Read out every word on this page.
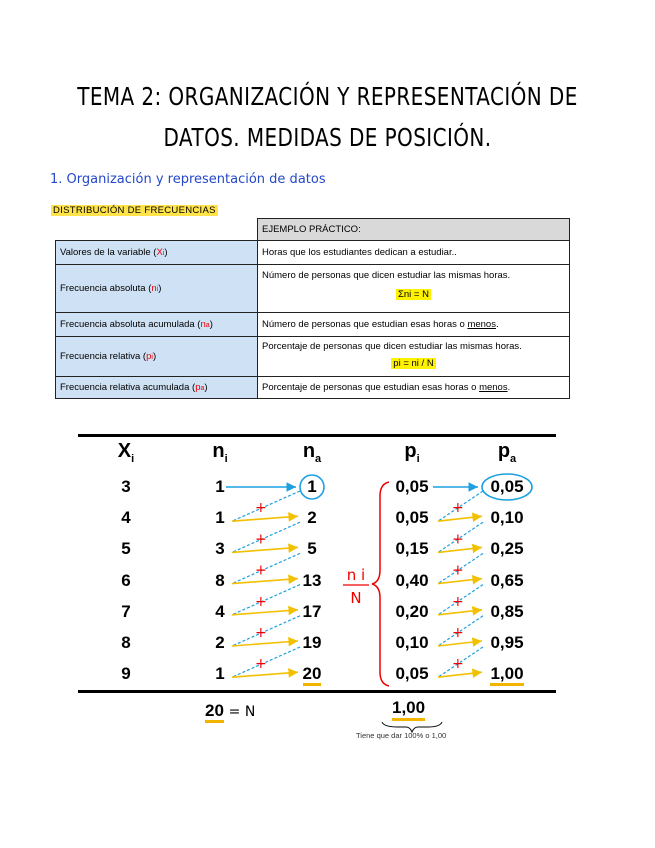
TEMA 2: ORGANIZACIÓN Y REPRESENTACIÓN DE
DATOS. MEDIDAS DE POSICIÓN.
1. Organización y representación de datos
DISTRIBUCIÓN DE FRECUENCIAS
	EJEMPLO PRÁCTICO:
Valores de la variable (Xi)	Horas que los estudiantes dedican a estudiar..
Frecuencia absoluta (ni)	Número de personas que dicen estudiar las mismas horas.
Σni = N

Frecuencia absoluta acumulada (na)	Número de personas que estudian esas horas o menos.
Frecuencia relativa (pi)	Porcentaje de personas que dicen estudiar las mismas horas.
pi = ni / N

Frecuencia relativa acumulada (pa)	Porcentaje de personas que estudian esas horas o menos.
$X_i$	$n_i$	$n_a$	$p_i$	$p_a$
3	1	1	0,05	0,05
4	1	2	0,05	0,10
5	3	5	0,15	0,25
6	8	13	0,40	0,65
7	4	17	0,20	0,85
8	2	19	0,10	0,95
9	1	20	0,05	1,00
+	+
+	+
+	+
+	+
+	+
+	+
n i
N
20 = N	1,00
Tiene que dar 100% o 1,00
